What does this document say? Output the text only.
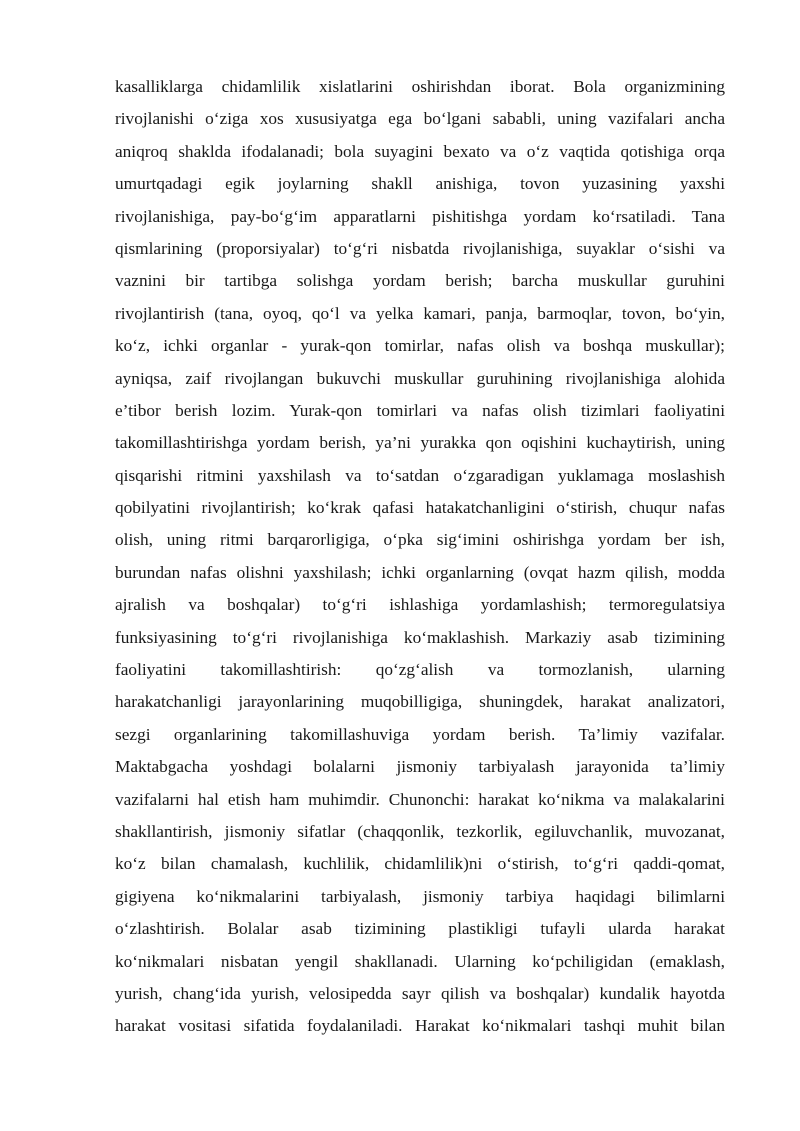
kasalliklarga chidamlilik xislatlarini oshirishdan iborat. Bola organizmining
rivojlanishi o‘ziga xos xususiyatga ega bo‘lgani sababli, uning vazifalari ancha
aniqroq shaklda ifodalanadi; bola suyagini bexato va o‘z vaqtida qotishiga orqa
umurtqadagi egik joylarning shakll anishiga, tovon yuzasining yaxshi
rivojlanishiga, pay-bo‘g‘im apparatlarni pishitishga yordam ko‘rsatiladi. Tana
qismlarining (proporsiyalar) to‘g‘ri nisbatda rivojlanishiga, suyaklar o‘sishi va
vaznini bir tartibga solishga yordam berish; barcha muskullar guruhini
rivojlantirish (tana, oyoq, qo‘l va yelka kamari, panja, barmoqlar, tovon, bo‘yin,
ko‘z, ichki organlar - yurak-qon tomirlar, nafas olish va boshqa muskullar);
ayniqsa, zaif rivojlangan bukuvchi muskullar guruhining rivojlanishiga alohida
e’tibor berish lozim. Yurak-qon tomirlari va nafas olish tizimlari faoliyatini
takomillashtirishga yordam berish, ya’ni yurakka qon oqishini kuchaytirish, uning
qisqarishi ritmini yaxshilash va to‘satdan o‘zgaradigan yuklamaga moslashish
qobilyatini rivojlantirish; ko‘krak qafasi hatakatchanligini o‘stirish, chuqur nafas
olish, uning ritmi barqarorligiga, o‘pka sig‘imini oshirishga yordam ber ish,
burundan nafas olishni yaxshilash; ichki organlarning (ovqat hazm qilish, modda
ajralish va boshqalar) to‘g‘ri ishlashiga yordamlashish; termoregulatsiya
funksiyasining to‘g‘ri rivojlanishiga ko‘maklashish. Markaziy asab tizimining
faoliyatini takomillashtirish: qo‘zg‘alish va tormozlanish, ularning
harakatchanligi jarayonlarining muqobilligiga, shuningdek, harakat analizatori,
sezgi organlarining takomillashuviga yordam berish. Ta’limiy vazifalar.
Maktabgacha yoshdagi bolalarni jismoniy tarbiyalash jarayonida ta’limiy
vazifalarni hal etish ham muhimdir. Chunonchi: harakat ko‘nikma va malakalarini
shakllantirish, jismoniy sifatlar (chaqqonlik, tezkorlik, egiluvchanlik, muvozanat,
ko‘z bilan chamalash, kuchlilik, chidamlilik)ni o‘stirish, to‘g‘ri qaddi-qomat,
gigiyena ko‘nikmalarini tarbiyalash, jismoniy tarbiya haqidagi bilimlarni
o‘zlashtirish. Bolalar asab tizimining plastikligi tufayli ularda harakat
ko‘nikmalari nisbatan yengil shakllanadi. Ularning ko‘pchiligidan (emaklash,
yurish, chang‘ida yurish, velosipedda sayr qilish va boshqalar) kundalik hayotda
harakat vositasi sifatida foydalaniladi. Harakat ko‘nikmalari tashqi muhit bilan
